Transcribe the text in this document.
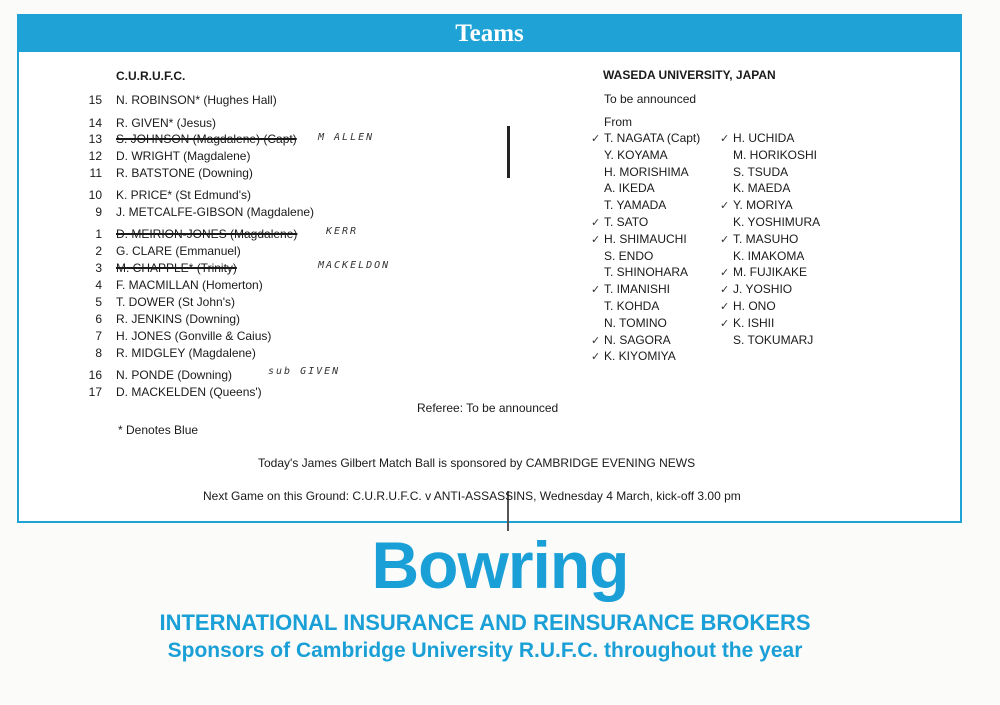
Teams
C.U.R.U.F.C.
15 N. ROBINSON* (Hughes Hall)
14 R. GIVEN* (Jesus)
13 S. JOHNSON (Magdalene) (Capt)
12 D. WRIGHT (Magdalene)
11 R. BATSTONE (Downing)
10 K. PRICE* (St Edmund's)
9 J. METCALFE-GIBSON (Magdalene)
1 D. MEIRION-JONES (Magdalene)
2 G. CLARE (Emmanuel)
3 M. CHAPPLE* (Trinity)
4 F. MACMILLAN (Homerton)
5 T. DOWER (St John's)
6 R. JENKINS (Downing)
7 H. JONES (Gonville & Caius)
8 R. MIDGLEY (Magdalene)
16 N. PONDE (Downing)
17 D. MACKELDEN (Queens')
M ALLEN
KERR
MACKELDON
sub GIVEN
* Denotes Blue
WASEDA UNIVERSITY, JAPAN
To be announced
From
T. NAGATA (Capt)
✓
Y. KOYAMA
H. MORISHIMA
A. IKEDA
T. YAMADA
T. SATO
✓
H. SHIMAUCHI
✓
S. ENDO
T. SHINOHARA
T. IMANISHI
✓
T. KOHDA
N. TOMINO
N. SAGORA
✓
K. KIYOMIYA
✓
H. UCHIDA
✓
M. HORIKOSHI
S. TSUDA
K. MAEDA
Y. MORIYA
✓
K. YOSHIMURA
T. MASUHO
✓
K. IMAKOMA
M. FUJIKAKE
✓
J. YOSHIO
✓
H. ONO
✓
K. ISHII
✓
S. TOKUMARJ
Referee: To be announced
Today's James Gilbert Match Ball is sponsored by CAMBRIDGE EVENING NEWS
Next Game on this Ground: C.U.R.U.F.C. v ANTI-ASSASSINS, Wednesday 4 March, kick-off 3.00 pm
Bowring
INTERNATIONAL INSURANCE AND REINSURANCE BROKERS
Sponsors of Cambridge University R.U.F.C. throughout the year
